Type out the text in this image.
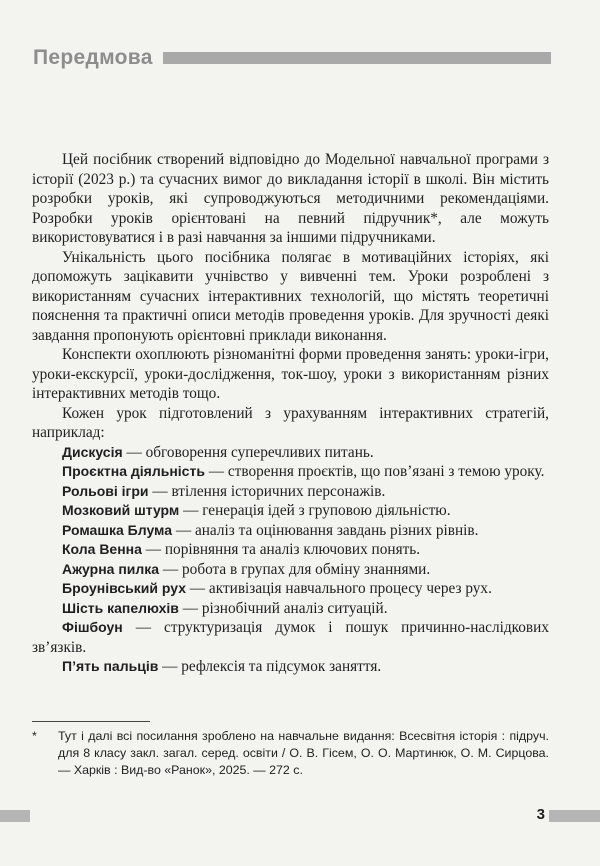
Передмова

Цей посібник створений відповідно до Модельної навчальної програми з історії (2023 р.) та сучасних вимог до викладання історії в школі. Він містить розробки уроків, які супроводжуються методичними рекомендаціями. Розробки уроків орієнтовані на певний підручник*, але можуть використовуватися і в разі навчання за іншими підручниками.

Унікальність цього посібника полягає в мотиваційних історіях, які допоможуть зацікавити учнівство у вивченні тем. Уроки розроблені з використанням сучасних інтерактивних технологій, що містять теоретичні пояснення та практичні описи методів проведення уроків. Для зручності деякі завдання пропонують орієнтовні приклади виконання.

Конспекти охоплюють різноманітні форми проведення занять: уроки-ігри, уроки-екскурсії, уроки-дослідження, ток-шоу, уроки з використанням різних інтерактивних методів тощо.

Кожен урок підготовлений з урахуванням інтерактивних стратегій, наприклад:

Дискусія — обговорення суперечливих питань.
Проєктна діяльність — створення проєктів, що пов’язані з темою уроку.
Рольові ігри — втілення історичних персонажів.
Мозковий штурм — генерація ідей з груповою діяльністю.
Ромашка Блума — аналіз та оцінювання завдань різних рівнів.
Кола Венна — порівняння та аналіз ключових понять.
Ажурна пилка — робота в групах для обміну знаннями.
Броунівський рух — активізація навчального процесу через рух.
Шість капелюхів — різнобічний аналіз ситуацій.
Фішбоун — структуризація думок і пошук причинно-наслідкових зв’язків.
П’ять пальців — рефлексія та підсумок заняття.
*	Тут і далі всі посилання зроблено на навчальне видання: Всесвітня історія : підруч. для 8 класу закл. загал. серед. освіти / О. В. Гісем, О. О. Мартинюк, О. М. Сирцова. — Харків : Вид-во «Ранок», 2025. — 272 с.
3
